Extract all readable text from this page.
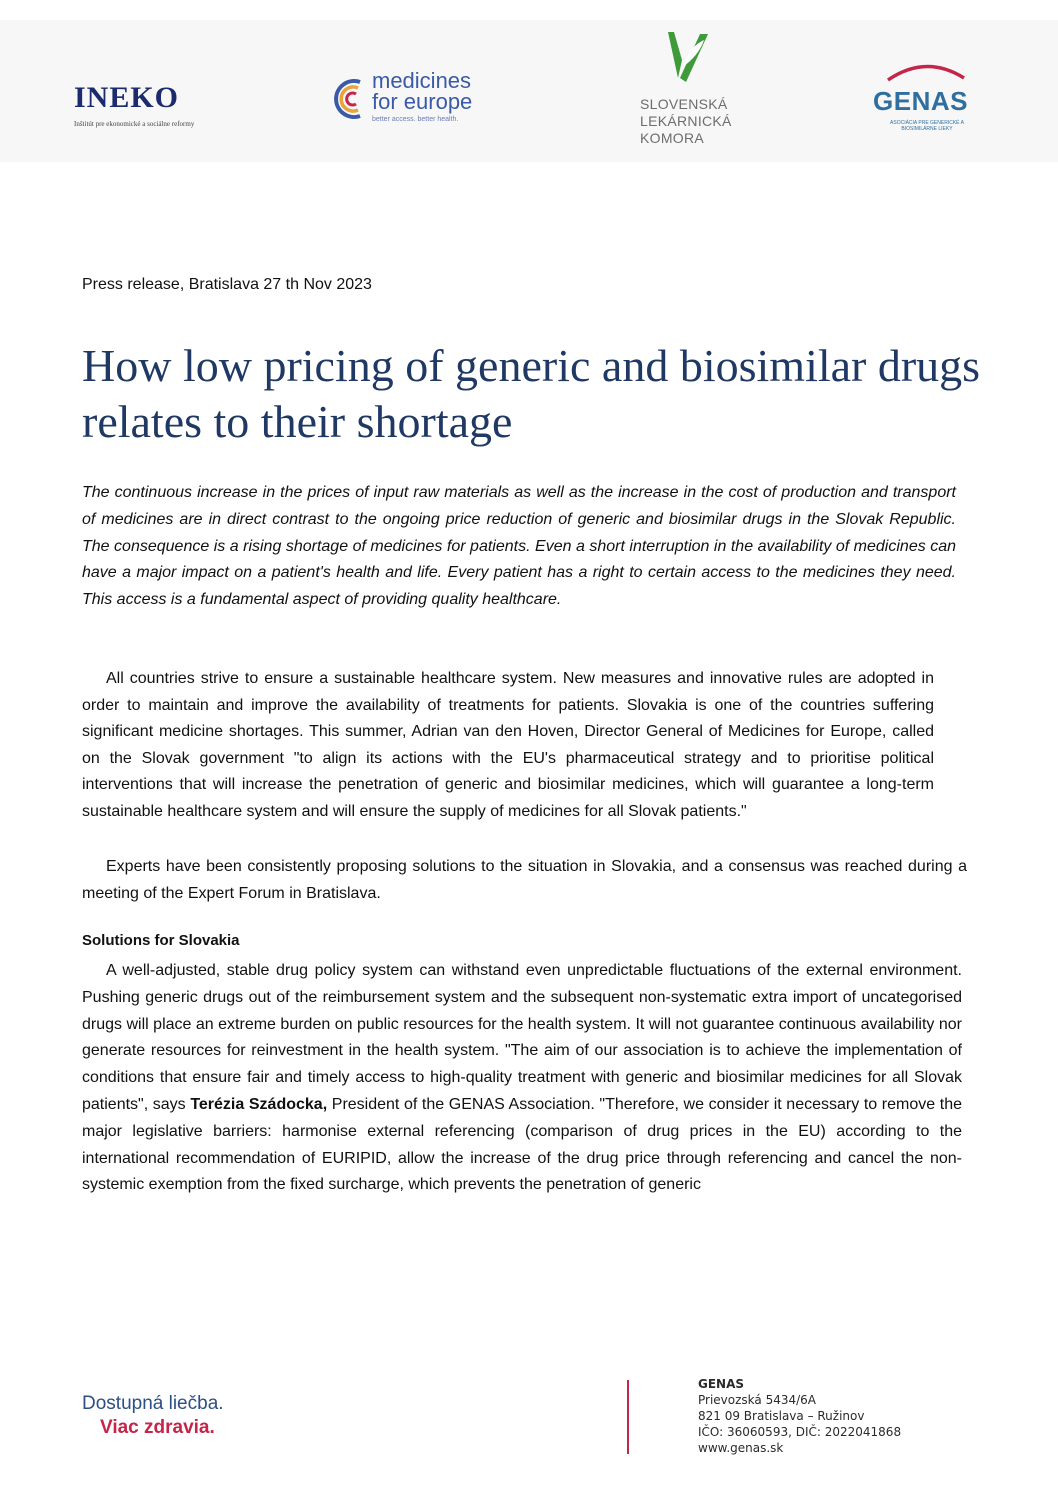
INEKO
Inštitút pre ekonomické a sociálne reformy
medicines
for europe
better access. better health.
SLOVENSKÁ
LEKÁRNICKÁ
KOMORA
GENAS
ASOCIÁCIA PRE GENERICKÉ A BIOSIMILÁRNE LIEKY
Press release, Bratislava 27 th Nov 2023
How low pricing of generic and biosimilar drugs relates to their shortage

The continuous increase in the prices of input raw materials as well as the increase in the cost of production and transport of medicines are in direct contrast to the ongoing price reduction of generic and biosimilar drugs in the Slovak Republic. The consequence is a rising shortage of medicines for patients. Even a short interruption in the availability of medicines can have a major impact on a patient's health and life. Every patient has a right to certain access to the medicines they need. This access is a fundamental aspect of providing quality healthcare.

All countries strive to ensure a sustainable healthcare system. New measures and innovative rules are adopted in order to maintain and improve the availability of treatments for patients. Slovakia is one of the countries suffering significant medicine shortages. This summer, Adrian van den Hoven, Director General of Medicines for Europe, called on the Slovak government "to align its actions with the EU's pharmaceutical strategy and to prioritise political interventions that will increase the penetration of generic and biosimilar medicines, which will guarantee a long-term sustainable healthcare system and will ensure the supply of medicines for all Slovak patients."

Experts have been consistently proposing solutions to the situation in Slovakia, and a consensus was reached during a meeting of the Expert Forum in Bratislava.

Solutions for Slovakia

A well-adjusted, stable drug policy system can withstand even unpredictable fluctuations of the external environment. Pushing generic drugs out of the reimbursement system and the subsequent non-systematic extra import of uncategorised drugs will place an extreme burden on public resources for the health system. It will not guarantee continuous availability nor generate resources for reinvestment in the health system. "The aim of our association is to achieve the implementation of conditions that ensure fair and timely access to high-quality treatment with generic and biosimilar medicines for all Slovak patients", says Terézia Szádocka, President of the GENAS Association. "Therefore, we consider it necessary to remove the major legislative barriers: harmonise external referencing (comparison of drug prices in the EU) according to the international recommendation of EURIPID, allow the increase of the drug price through referencing and cancel the non-systemic exemption from the fixed surcharge, which prevents the penetration of generic

Dostupná liečba.
Viac zdravia.
GENAS
Prievozská 5434/6A
821 09 Bratislava – Ružinov
IČO: 36060593, DIČ: 2022041868
www.genas.sk
